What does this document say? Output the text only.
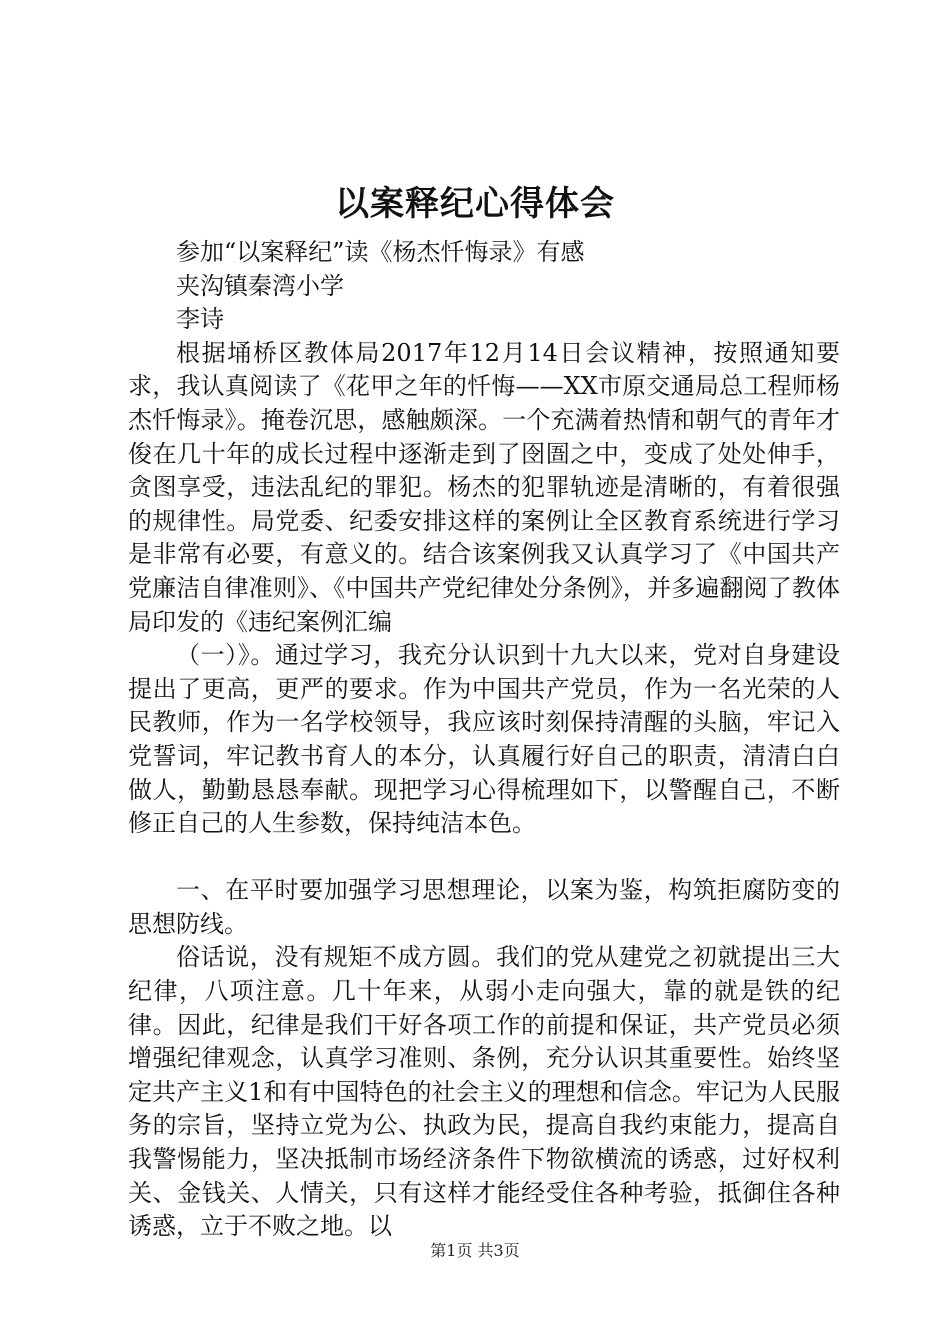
以案释纪心得体会

参加“以案释纪”读《杨杰忏悔录》有感

夹沟镇秦湾小学

李诗

根据埇桥区教体局2017年12月14日会议精神，按照通知要求，我认真阅读了《花甲之年的忏悔——XX市原交通局总工程师杨杰忏悔录》。掩卷沉思，感触颇深。一个充满着热情和朝气的青年才俊在几十年的成长过程中逐渐走到了囹圄之中，变成了处处伸手，贪图享受，违法乱纪的罪犯。杨杰的犯罪轨迹是清晰的，有着很强的规律性。局党委、纪委安排这样的案例让全区教育系统进行学习是非常有必要，有意义的。结合该案例我又认真学习了《中国共产党廉洁自律准则》、《中国共产党纪律处分条例》，并多遍翻阅了教体局印发的《违纪案例汇编

（一）》。通过学习，我充分认识到十九大以来，党对自身建设提出了更高，更严的要求。作为中国共产党员，作为一名光荣的人民教师，作为一名学校领导，我应该时刻保持清醒的头脑，牢记入党誓词，牢记教书育人的本分，认真履行好自己的职责，清清白白做人，勤勤恳恳奉献。现把学习心得梳理如下，以警醒自己，不断修正自己的人生参数，保持纯洁本色。

一、在平时要加强学习思想理论，以案为鉴，构筑拒腐防变的思想防线。

俗话说，没有规矩不成方圆。我们的党从建党之初就提出三大纪律，八项注意。几十年来，从弱小走向强大，靠的就是铁的纪律。因此，纪律是我们干好各项工作的前提和保证，共产党员必须增强纪律观念，认真学习准则、条例，充分认识其重要性。始终坚定共产主义1和有中国特色的社会主义的理想和信念。牢记为人民服务的宗旨，坚持立党为公、执政为民，提高自我约束能力，提高自我警惕能力，坚决抵制市场经济条件下物欲横流的诱惑，过好权利关、金钱关、人情关，只有这样才能经受住各种考验，抵御住各种诱惑，立于不败之地。以

第1页 共3页
